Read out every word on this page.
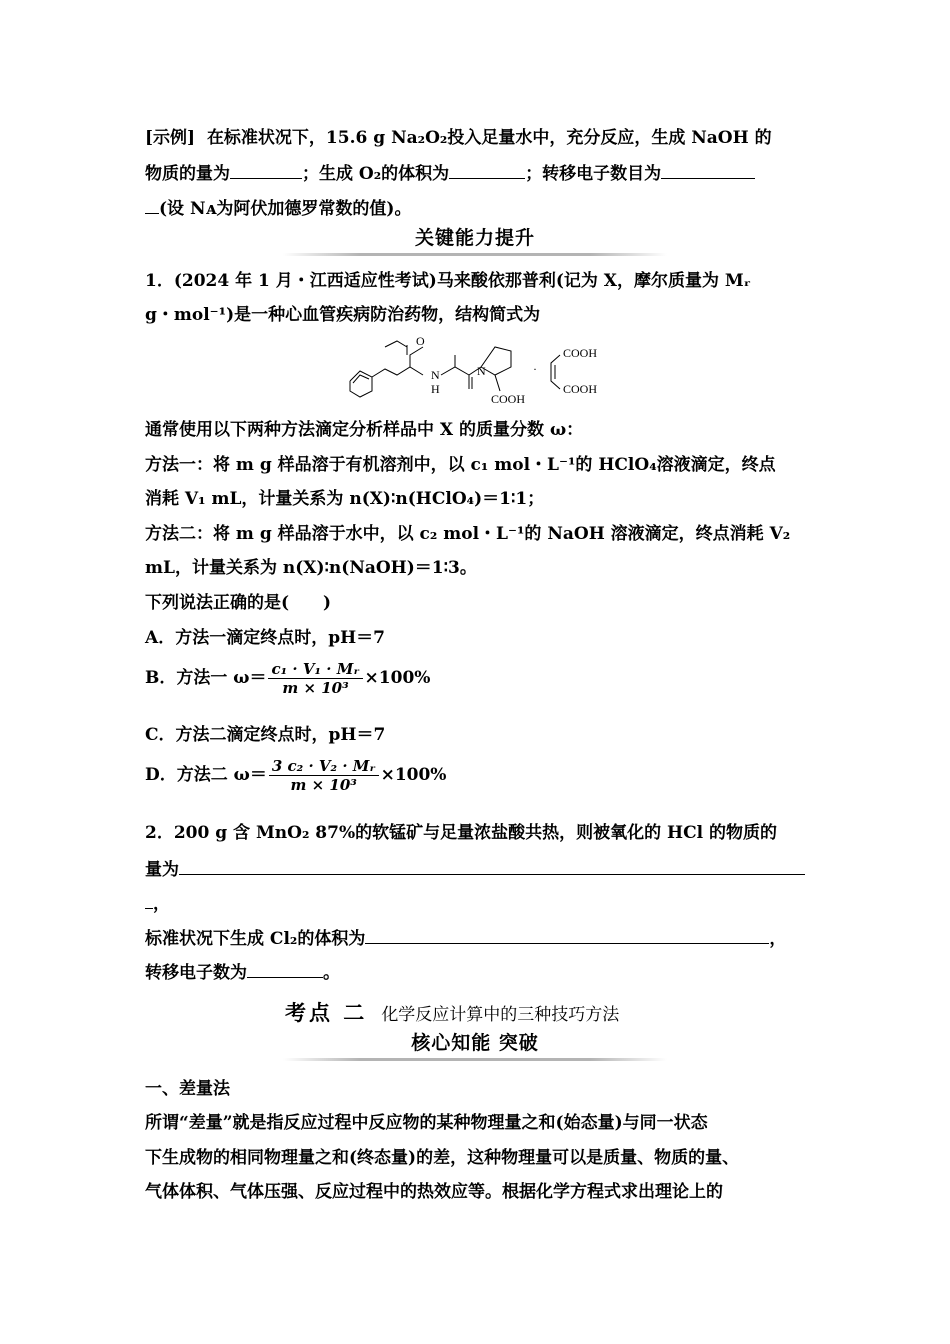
[示例] 在标准状况下，15.6 g Na₂O₂投入足量水中，充分反应，生成 NaOH 的
物质的量为	；生成 O₂的体积为	；转移电子数目为
(设 Nᴀ为阿伏加德罗常数的值)。
关键能力提升
1．(2024 年 1 月・江西适应性考试)马来酸依那普利(记为 X，摩尔质量为 Mᵣ
g・mol⁻¹)是一种心血管疾病防治药物，结构简式为
O
N
H
N
COOH
·
COOH
COOH
通常使用以下两种方法滴定分析样品中 X 的质量分数 ω：
方法一：将 m g 样品溶于有机溶剂中，以 c₁ mol・L⁻¹的 HClO₄溶液滴定，终点
消耗 V₁ mL，计量关系为 n(X)∶n(HClO₄)＝1∶1；
方法二：将 m g 样品溶于水中，以 c₂ mol・L⁻¹的 NaOH 溶液滴定，终点消耗 V₂
mL，计量关系为 n(X)∶n(NaOH)＝1∶3。
下列说法正确的是(　　)
A．方法一滴定终点时，pH＝7
B．方法一 $\omega= \frac{\text{c₁ · V₁ · Mᵣ}}{\text{m × 10³}} \times 100\%$
C．方法二滴定终点时，pH＝7
D．方法二 $\omega= \frac{\text{3 c₂ · V₂ · Mᵣ}}{\text{m × 10³}} \times 100\%$
2．200 g 含 MnO₂ 87%的软锰矿与足量浓盐酸共热，则被氧化的 HCl 的物质的
量为
，
标准状况下生成 Cl₂的体积为	，
转移电子数为	。
考点 二 化学反应计算中的三种技巧方法
核心知能 突破
一、差量法
所谓“差量”就是指反应过程中反应物的某种物理量之和(始态量)与同一状态
下生成物的相同物理量之和(终态量)的差，这种物理量可以是质量、物质的量、
气体体积、气体压强、反应过程中的热效应等。根据化学方程式求出理论上的
